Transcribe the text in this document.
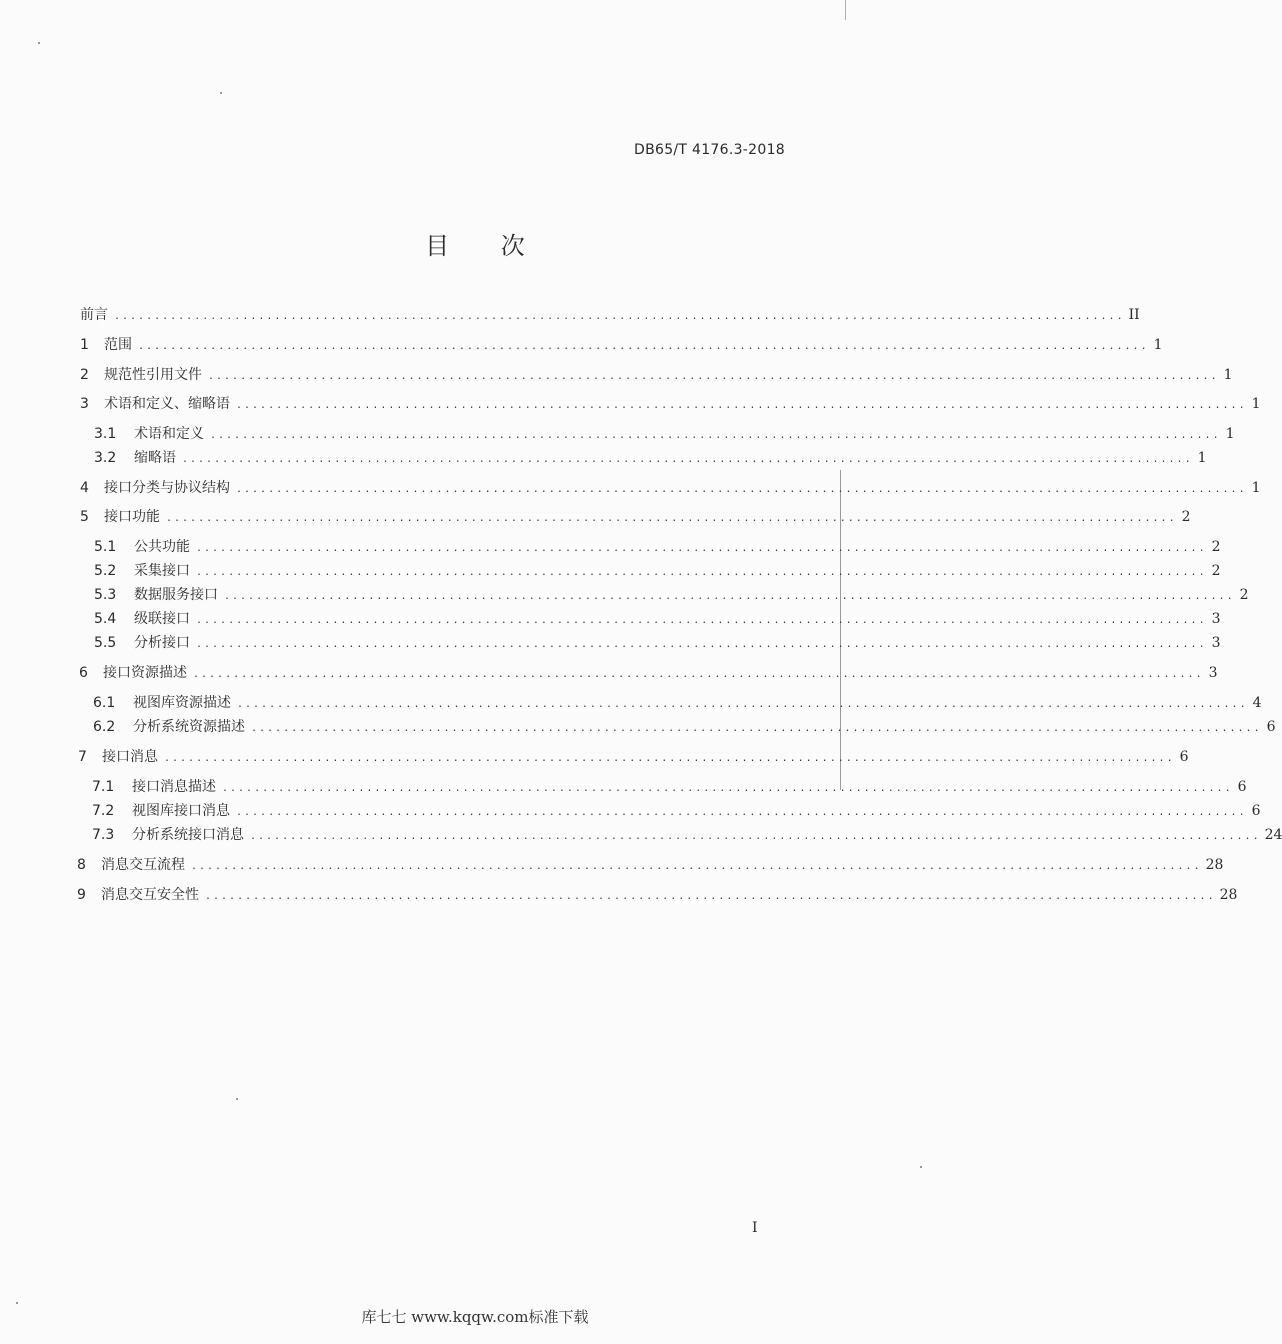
DB65/T 4176.3-2018
目 次
前言 .............................................................................................................................. II
1	范围 .............................................................................................................................. 1
2	规范性引用文件 .............................................................................................................................. 1
3	术语和定义、缩略语 .............................................................................................................................. 1
3.1	术语和定义 .............................................................................................................................. 1
3.2	缩略语 .............................................................................................................................. 1
4	接口分类与协议结构 .............................................................................................................................. 1
5	接口功能 .............................................................................................................................. 2
5.1	公共功能 .............................................................................................................................. 2
5.2	采集接口 .............................................................................................................................. 2
5.3	数据服务接口 .............................................................................................................................. 2
5.4	级联接口 .............................................................................................................................. 3
5.5	分析接口 .............................................................................................................................. 3
6	接口资源描述 .............................................................................................................................. 3
6.1	视图库资源描述 .............................................................................................................................. 4
6.2	分析系统资源描述 .............................................................................................................................. 6
7	接口消息 .............................................................................................................................. 6
7.1	接口消息描述 .............................................................................................................................. 6
7.2	视图库接口消息 .............................................................................................................................. 6
7.3	分析系统接口消息 .............................................................................................................................. 24
8	消息交互流程 .............................................................................................................................. 28
9	消息交互安全性 .............................................................................................................................. 28
I
库七七 www.kqqw.com标准下载
